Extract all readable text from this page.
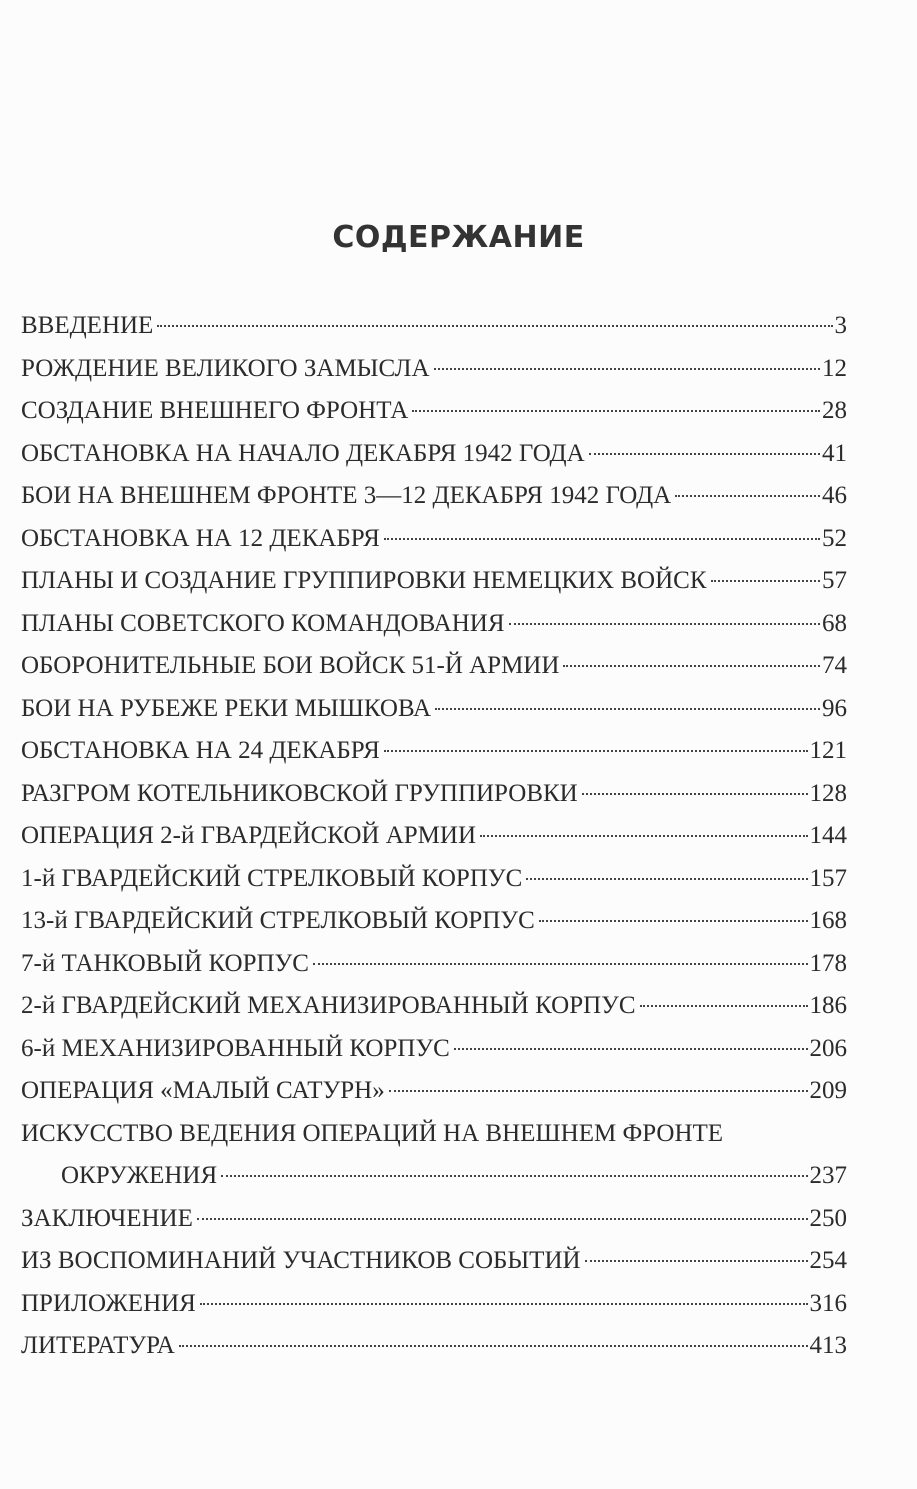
СОДЕРЖАНИЕ
ВВЕДЕНИЕ	3
РОЖДЕНИЕ ВЕЛИКОГО ЗАМЫСЛА	12
СОЗДАНИЕ ВНЕШНЕГО ФРОНТА	28
ОБСТАНОВКА НА НАЧАЛО ДЕКАБРЯ 1942 ГОДА	41
БОИ НА ВНЕШНЕМ ФРОНТЕ 3—12 ДЕКАБРЯ 1942 ГОДА	46
ОБСТАНОВКА НА 12 ДЕКАБРЯ	52
ПЛАНЫ И СОЗДАНИЕ ГРУППИРОВКИ НЕМЕЦКИХ ВОЙСК	57
ПЛАНЫ СОВЕТСКОГО КОМАНДОВАНИЯ	68
ОБОРОНИТЕЛЬНЫЕ БОИ ВОЙСК 51-Й АРМИИ	74
БОИ НА РУБЕЖЕ РЕКИ МЫШКОВА	96
ОБСТАНОВКА НА 24 ДЕКАБРЯ	121
РАЗГРОМ КОТЕЛЬНИКОВСКОЙ ГРУППИРОВКИ	128
ОПЕРАЦИЯ 2-й ГВАРДЕЙСКОЙ АРМИИ	144
1-й ГВАРДЕЙСКИЙ СТРЕЛКОВЫЙ КОРПУС	157
13-й ГВАРДЕЙСКИЙ СТРЕЛКОВЫЙ КОРПУС	168
7-й ТАНКОВЫЙ КОРПУС	178
2-й ГВАРДЕЙСКИЙ МЕХАНИЗИРОВАННЫЙ КОРПУС	186
6-й МЕХАНИЗИРОВАННЫЙ КОРПУС	206
ОПЕРАЦИЯ «МАЛЫЙ САТУРН»	209
ИСКУССТВО ВЕДЕНИЯ ОПЕРАЦИЙ НА ВНЕШНЕМ ФРОНТЕ
ОКРУЖЕНИЯ	237
ЗАКЛЮЧЕНИЕ	250
ИЗ ВОСПОМИНАНИЙ УЧАСТНИКОВ СОБЫТИЙ	254
ПРИЛОЖЕНИЯ	316
ЛИТЕРАТУРА	413
